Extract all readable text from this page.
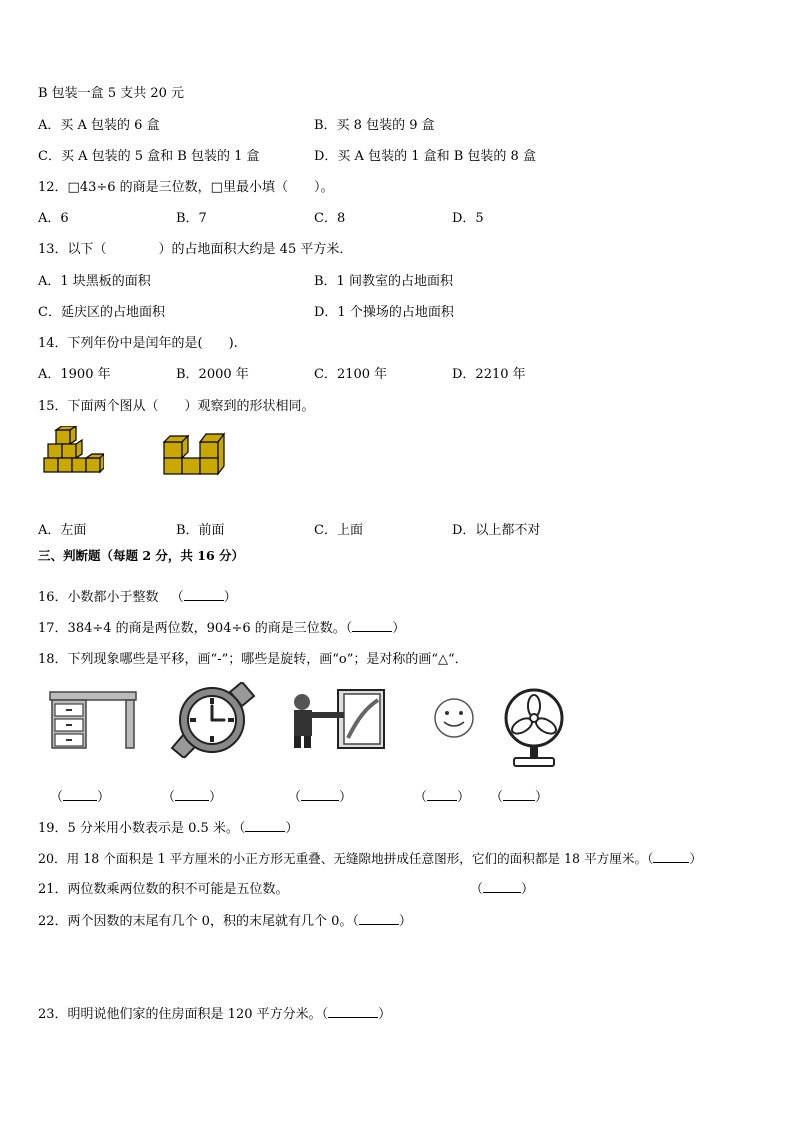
B 包装一盒 5 支共 20 元
A．买 A 包装的 6 盒	B．买 8 包装的 9 盒
C．买 A 包装的 5 盒和 B 包装的 1 盒	D．买 A 包装的 1 盒和 B 包装的 8 盒
12．□43÷6 的商是三位数，□里最小填（　　）。
A．6	B．7	C．8	D．5
13．以下（　　　　）的占地面积大约是 45 平方米．
A．1 块黑板的面积	B．1 间教室的占地面积
C．延庆区的占地面积	D．1 个操场的占地面积
14．下列年份中是闰年的是(　　).
A．1900 年	B．2000 年	C．2100 年	D．2210 年
15．下面两个图从（　　）观察到的形状相同。
A．左面	B．前面	C．上面	D．以上都不对
三、判断题（每题 2 分，共 16 分）
16．小数都小于整数 （	）
17．384÷4 的商是两位数，904÷6 的商是三位数。（	）
18．下列现象哪些是平移，画“-”；哪些是旋转，画“o”；是对称的画“△“．
（	）	（	）	（	）	（ ） （ ）
19．5 分米用小数表示是 0.5 米。（	）
20．用 18 个面积是 1 平方厘米的小正方形无重叠、无缝隙地拼成任意图形，它们的面积都是 18 平方厘米。（	）
21．两位数乘两位数的积不可能是五位数。	（	）
22．两个因数的末尾有几个 0，积的末尾就有几个 0。（	）
23．明明说他们家的住房面积是 120 平方分米。（	）
